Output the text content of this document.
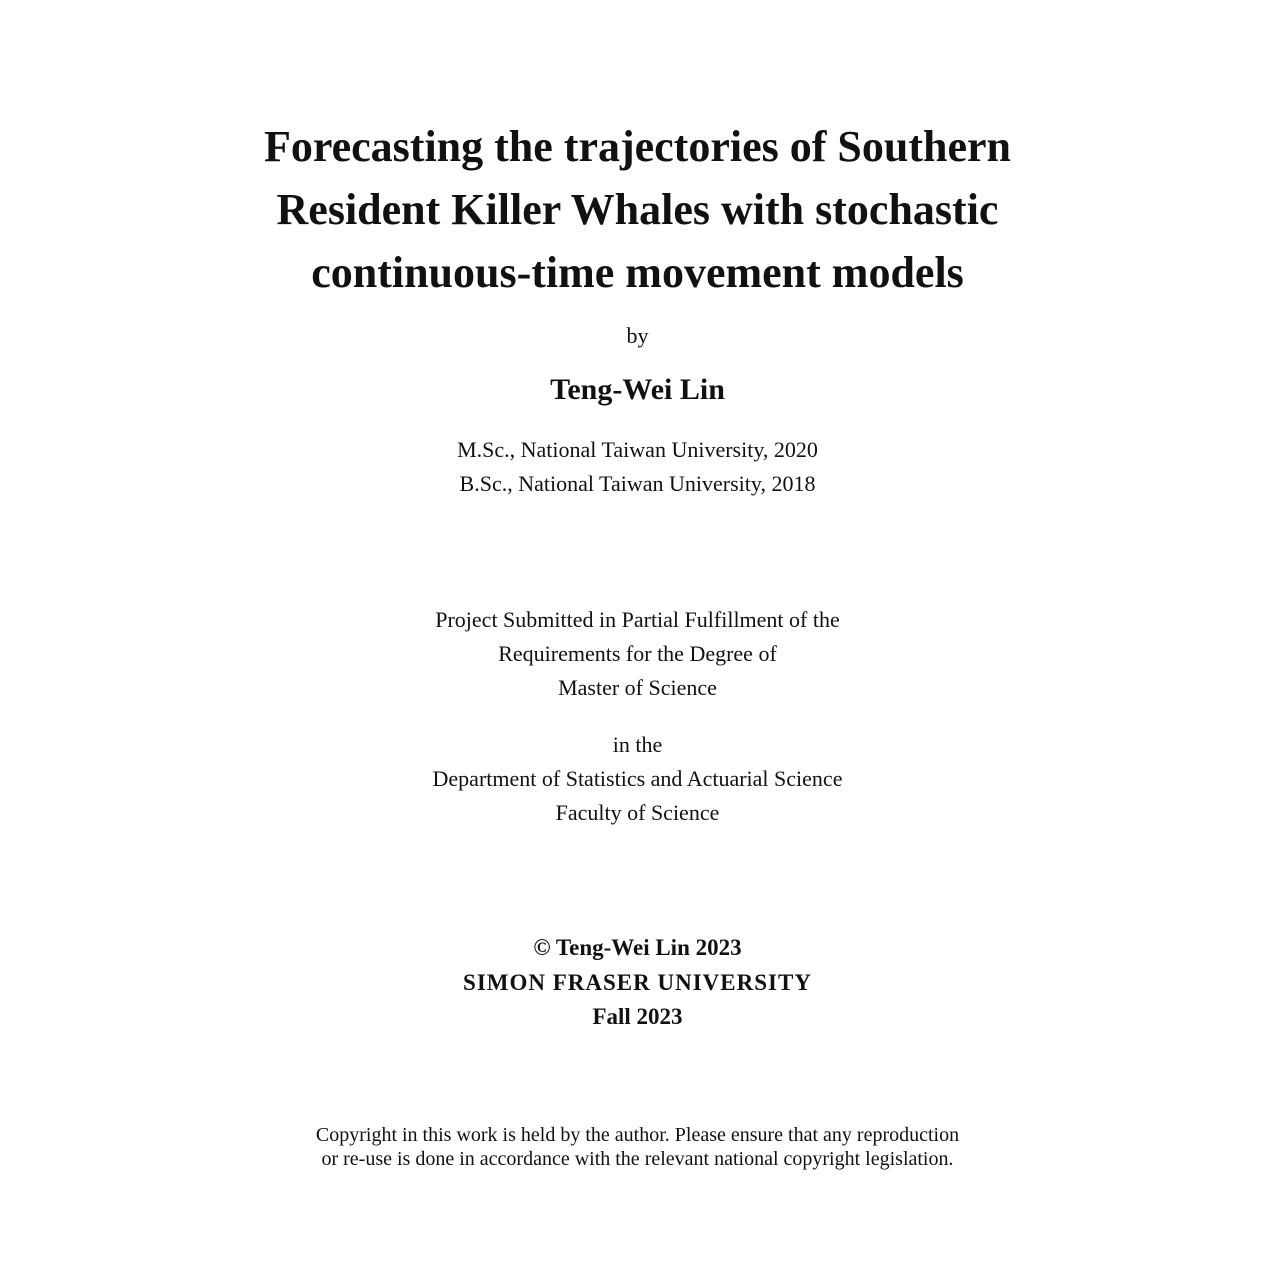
Forecasting the trajectories of Southern
Resident Killer Whales with stochastic
continuous-time movement models
by
Teng-Wei Lin
M.Sc., National Taiwan University, 2020
B.Sc., National Taiwan University, 2018
Project Submitted in Partial Fulfillment of the
Requirements for the Degree of
Master of Science
in the
Department of Statistics and Actuarial Science
Faculty of Science
© Teng-Wei Lin 2023
SIMON FRASER UNIVERSITY
Fall 2023
Copyright in this work is held by the author. Please ensure that any reproduction
or re-use is done in accordance with the relevant national copyright legislation.
